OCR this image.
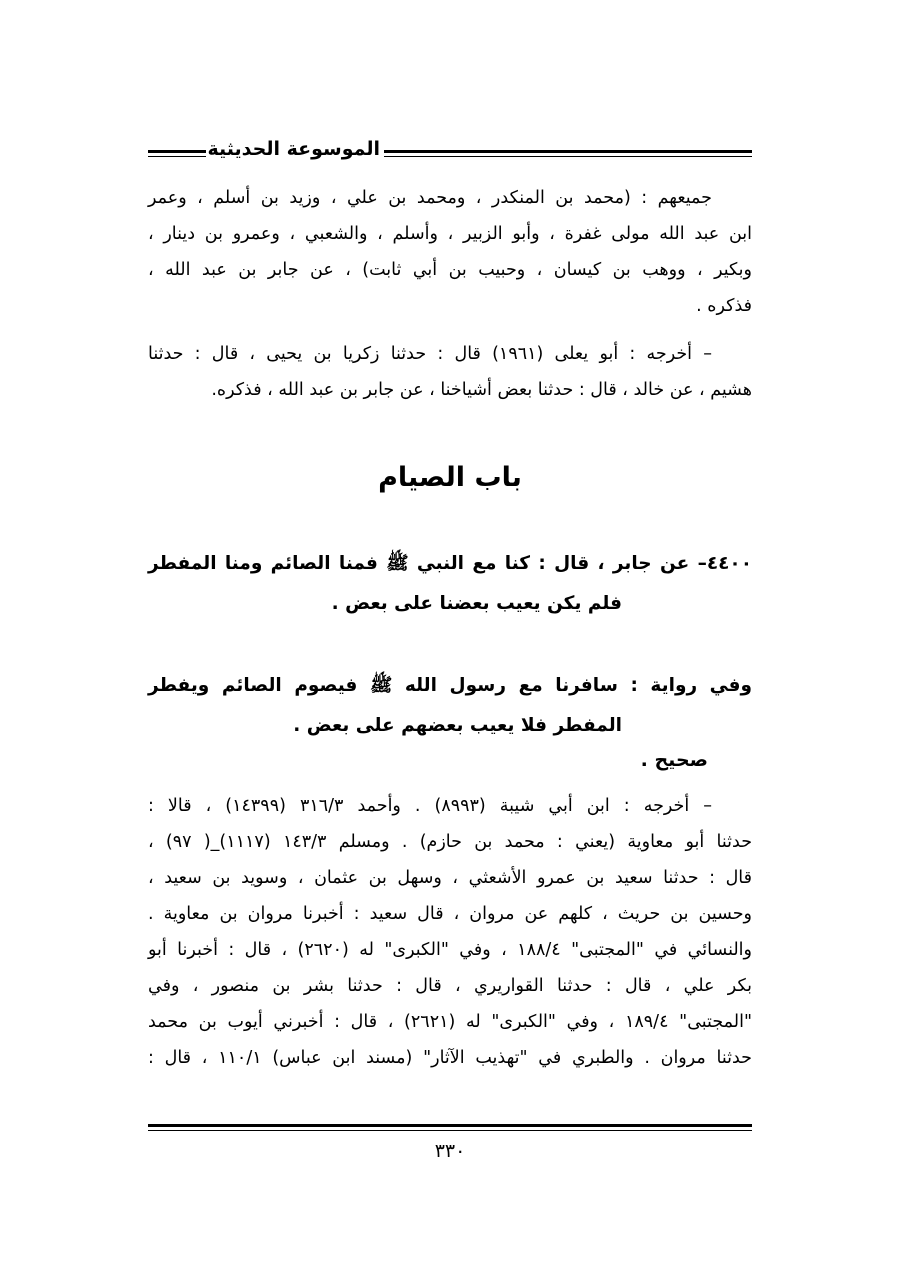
الموسوعة الحديثية
جميعهم : (محمد بن المنكدر ، ومحمد بن علي ، وزيد بن أسلم ، وعمر
ابن عبد الله مولى غفرة ، وأبو الزبير ، وأسلم ، والشعبي ، وعمرو بن دينار ،
وبكير ، ووهب بن كيسان ، وحبيب بن أبي ثابت) ، عن جابر بن عبد الله ،
فذكره .
– أخرجه : أبو يعلى (١٩٦١) قال : حدثنا زكريا بن يحيى ، قال : حدثنا
هشيم ، عن خالد ، قال : حدثنا بعض أشياخنا ، عن جابر بن عبد الله ، فذكره.
باب الصيام
٤٤٠٠– عن جابر ، قال : كنا مع النبي ﷺ فمنا الصائم ومنا المفطر
فلم يكن يعيب بعضنا على بعض .
وفي رواية : سافرنا مع رسول الله ﷺ فيصوم الصائم ويفطر
المفطر فلا يعيب بعضهم على بعض .
صحيح .
– أخرجه : ابن أبي شيبة (٨٩٩٣) . وأحمد ٣١٦/٣ (١٤٣٩٩) ، قالا :
حدثنا أبو معاوية (يعني : محمد بن حازم) . ومسلم ١٤٣/٣ (١١١٧)_( ٩٧) ،
قال : حدثنا سعيد بن عمرو الأشعثي ، وسهل بن عثمان ، وسويد بن سعيد ،
وحسين بن حريث ، كلهم عن مروان ، قال سعيد : أخبرنا مروان بن معاوية .
والنسائي في "المجتبى" ١٨٨/٤ ، وفي "الكبرى" له (٢٦٢٠) ، قال : أخبرنا أبو
بكر علي ، قال : حدثنا القواريري ، قال : حدثنا بشر بن منصور ، وفي
"المجتبى" ١٨٩/٤ ، وفي "الكبرى" له (٢٦٢١) ، قال : أخبرني أيوب بن محمد
حدثنا مروان . والطبري في "تهذيب الآثار" (مسند ابن عباس) ١١٠/١ ، قال :
٣٣٠
